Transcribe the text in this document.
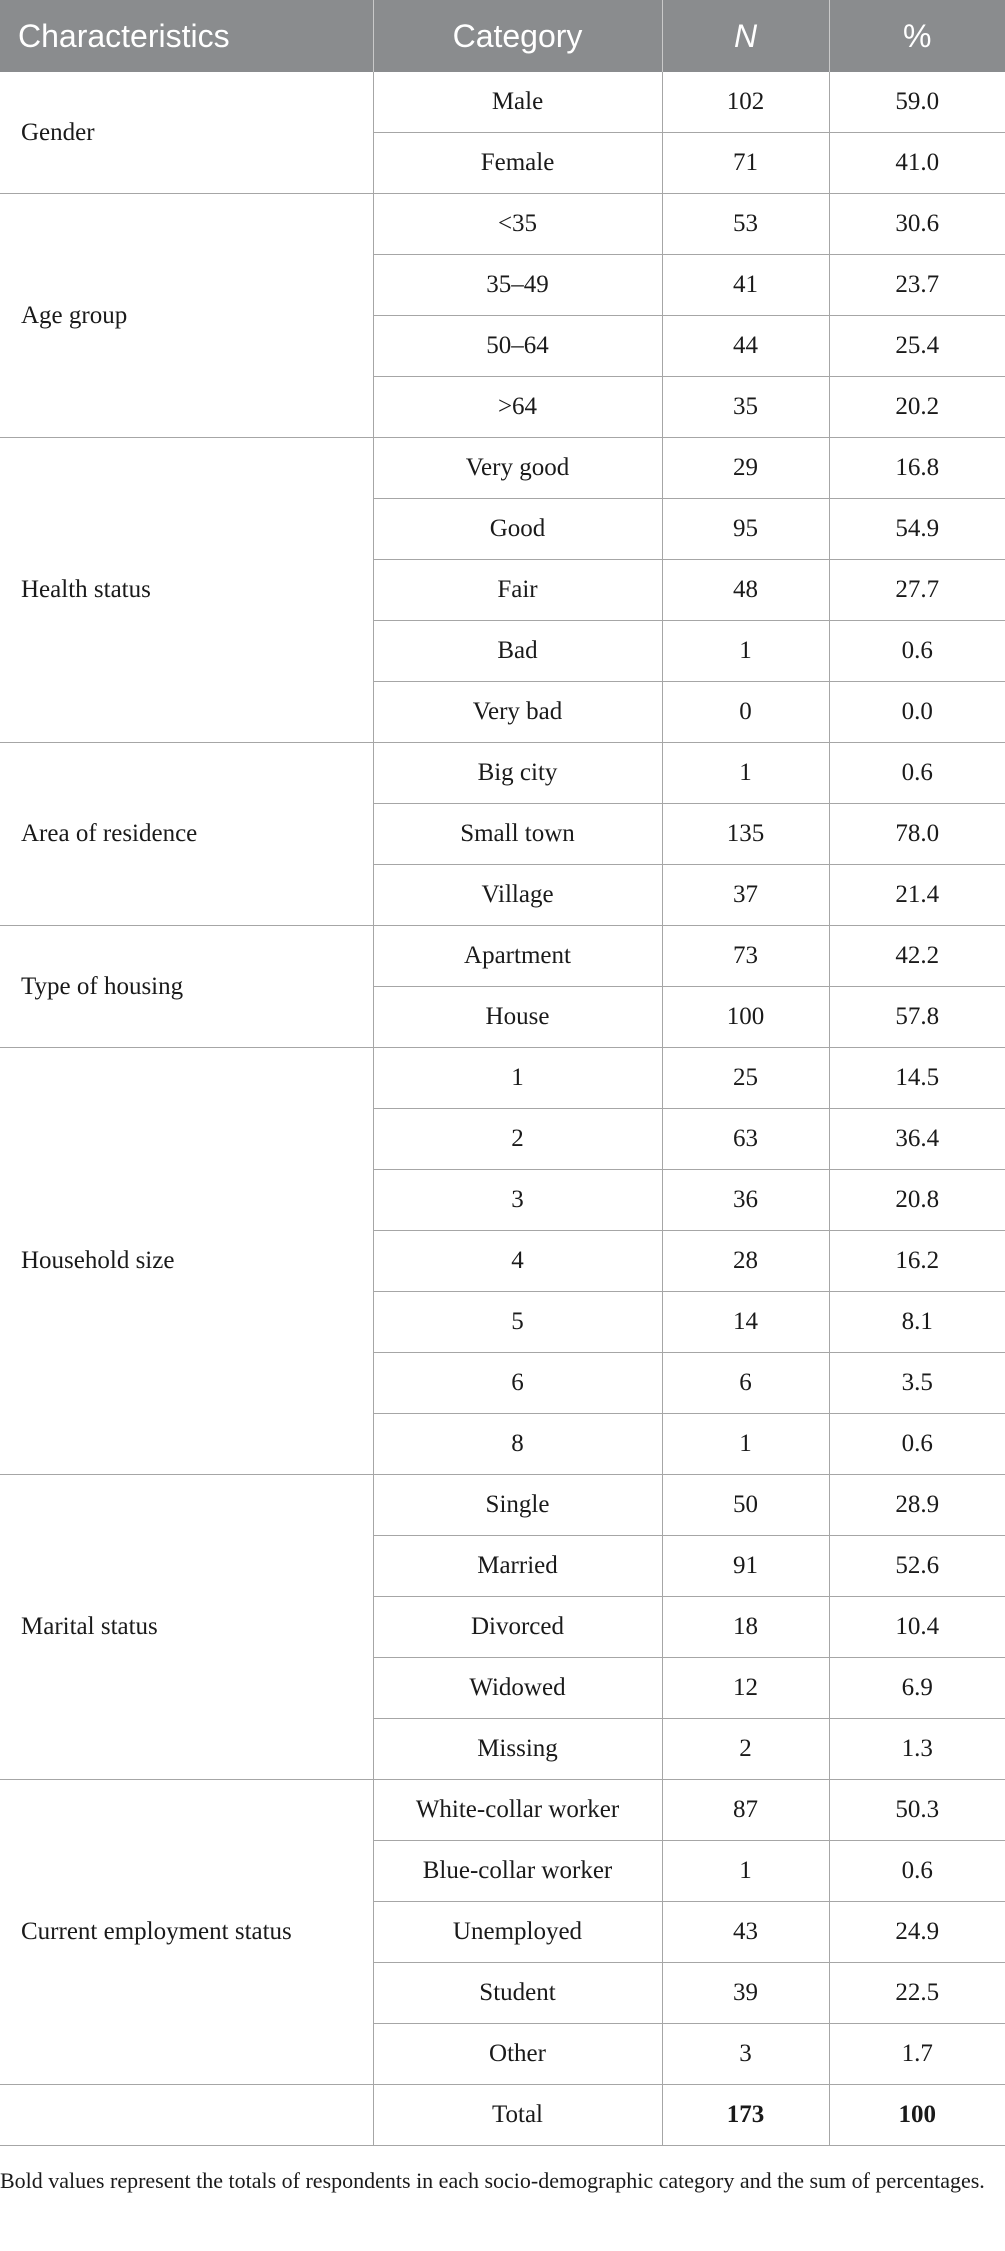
Characteristics	Category	N	%
Gender	Male	102	59.0
	Female	71	41.0
Age group	<35	53	30.6
	35–49	41	23.7
	50–64	44	25.4
	>64	35	20.2
Health status	Very good	29	16.8
	Good	95	54.9
	Fair	48	27.7
	Bad	1	0.6
	Very bad	0	0.0
Area of residence	Big city	1	0.6
	Small town	135	78.0
	Village	37	21.4
Type of housing	Apartment	73	42.2
	House	100	57.8
Household size	1	25	14.5
	2	63	36.4
	3	36	20.8
	4	28	16.2
	5	14	8.1
	6	6	3.5
	8	1	0.6
Marital status	Single	50	28.9
	Married	91	52.6
	Divorced	18	10.4
	Widowed	12	6.9
	Missing	2	1.3
Current employment status	White-collar worker	87	50.3
	Blue-collar worker	1	0.6
	Unemployed	43	24.9
	Student	39	22.5
	Other	3	1.7
	Total	173	100
Bold values represent the totals of respondents in each socio-demographic category and the sum of percentages.
